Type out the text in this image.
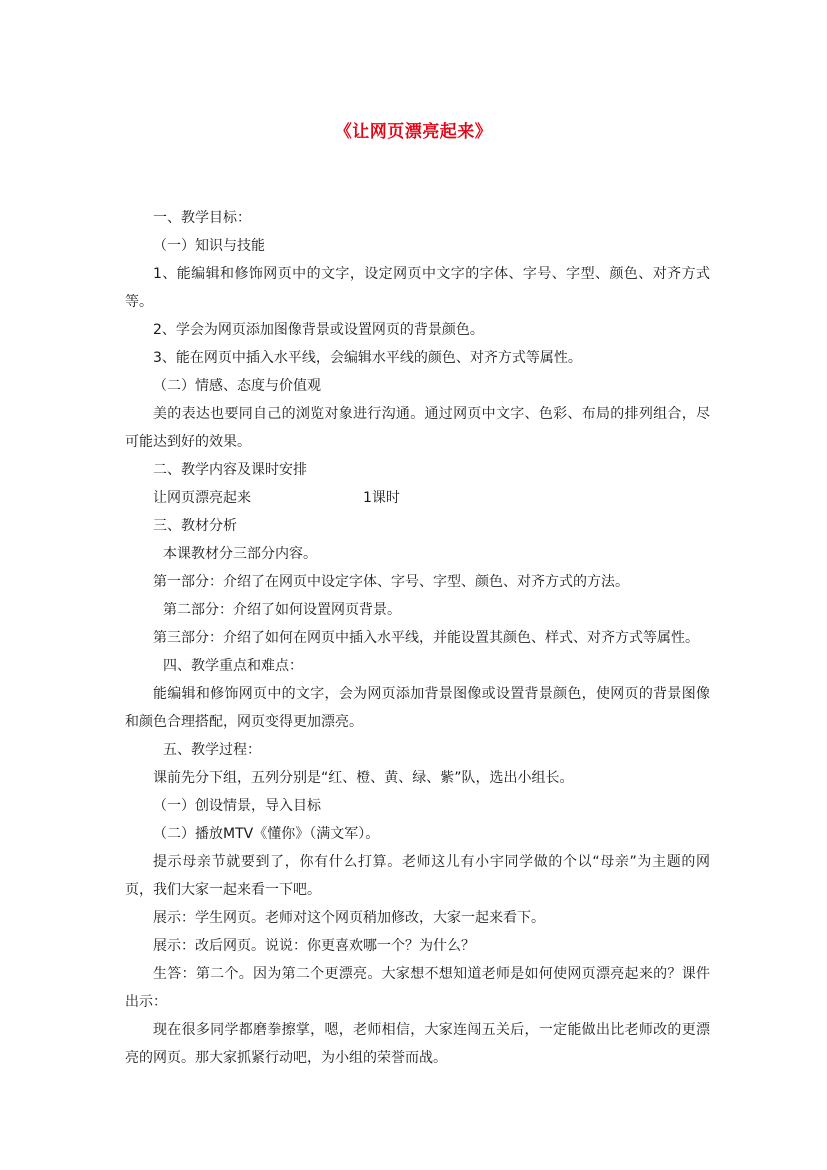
《让网页漂亮起来》

一、教学目标：

（一）知识与技能

1、能编辑和修饰网页中的文字，设定网页中文字的字体、字号、字型、颜色、对齐方式等。

2、学会为网页添加图像背景或设置网页的背景颜色。

3、能在网页中插入水平线，会编辑水平线的颜色、对齐方式等属性。

（二）情感、态度与价值观

美的表达也要同自己的浏览对象进行沟通。通过网页中文字、色彩、布局的排列组合，尽可能达到好的效果。

二、教学内容及课时安排

让网页漂亮起来	1课时

三、教材分析

本课教材分三部分内容。

第一部分：介绍了在网页中设定字体、字号、字型、颜色、对齐方式的方法。

第二部分：介绍了如何设置网页背景。

第三部分：介绍了如何在网页中插入水平线，并能设置其颜色、样式、对齐方式等属性。

四、教学重点和难点：

能编辑和修饰网页中的文字，会为网页添加背景图像或设置背景颜色，使网页的背景图像和颜色合理搭配，网页变得更加漂亮。

五、教学过程：

课前先分下组，五列分别是“红、橙、黄、绿、紫”队，选出小组长。

（一）创设情景，导入目标

（二）播放MTV《懂你》（满文军）。

提示母亲节就要到了，你有什么打算。老师这儿有小宇同学做的个以“母亲”为主题的网页，我们大家一起来看一下吧。

展示：学生网页。老师对这个网页稍加修改，大家一起来看下。

展示：改后网页。说说：你更喜欢哪一个？为什么？

生答：第二个。因为第二个更漂亮。大家想不想知道老师是如何使网页漂亮起来的？课件出示：

现在很多同学都磨拳擦掌，嗯，老师相信，大家连闯五关后，一定能做出比老师改的更漂亮的网页。那大家抓紧行动吧，为小组的荣誉而战。
